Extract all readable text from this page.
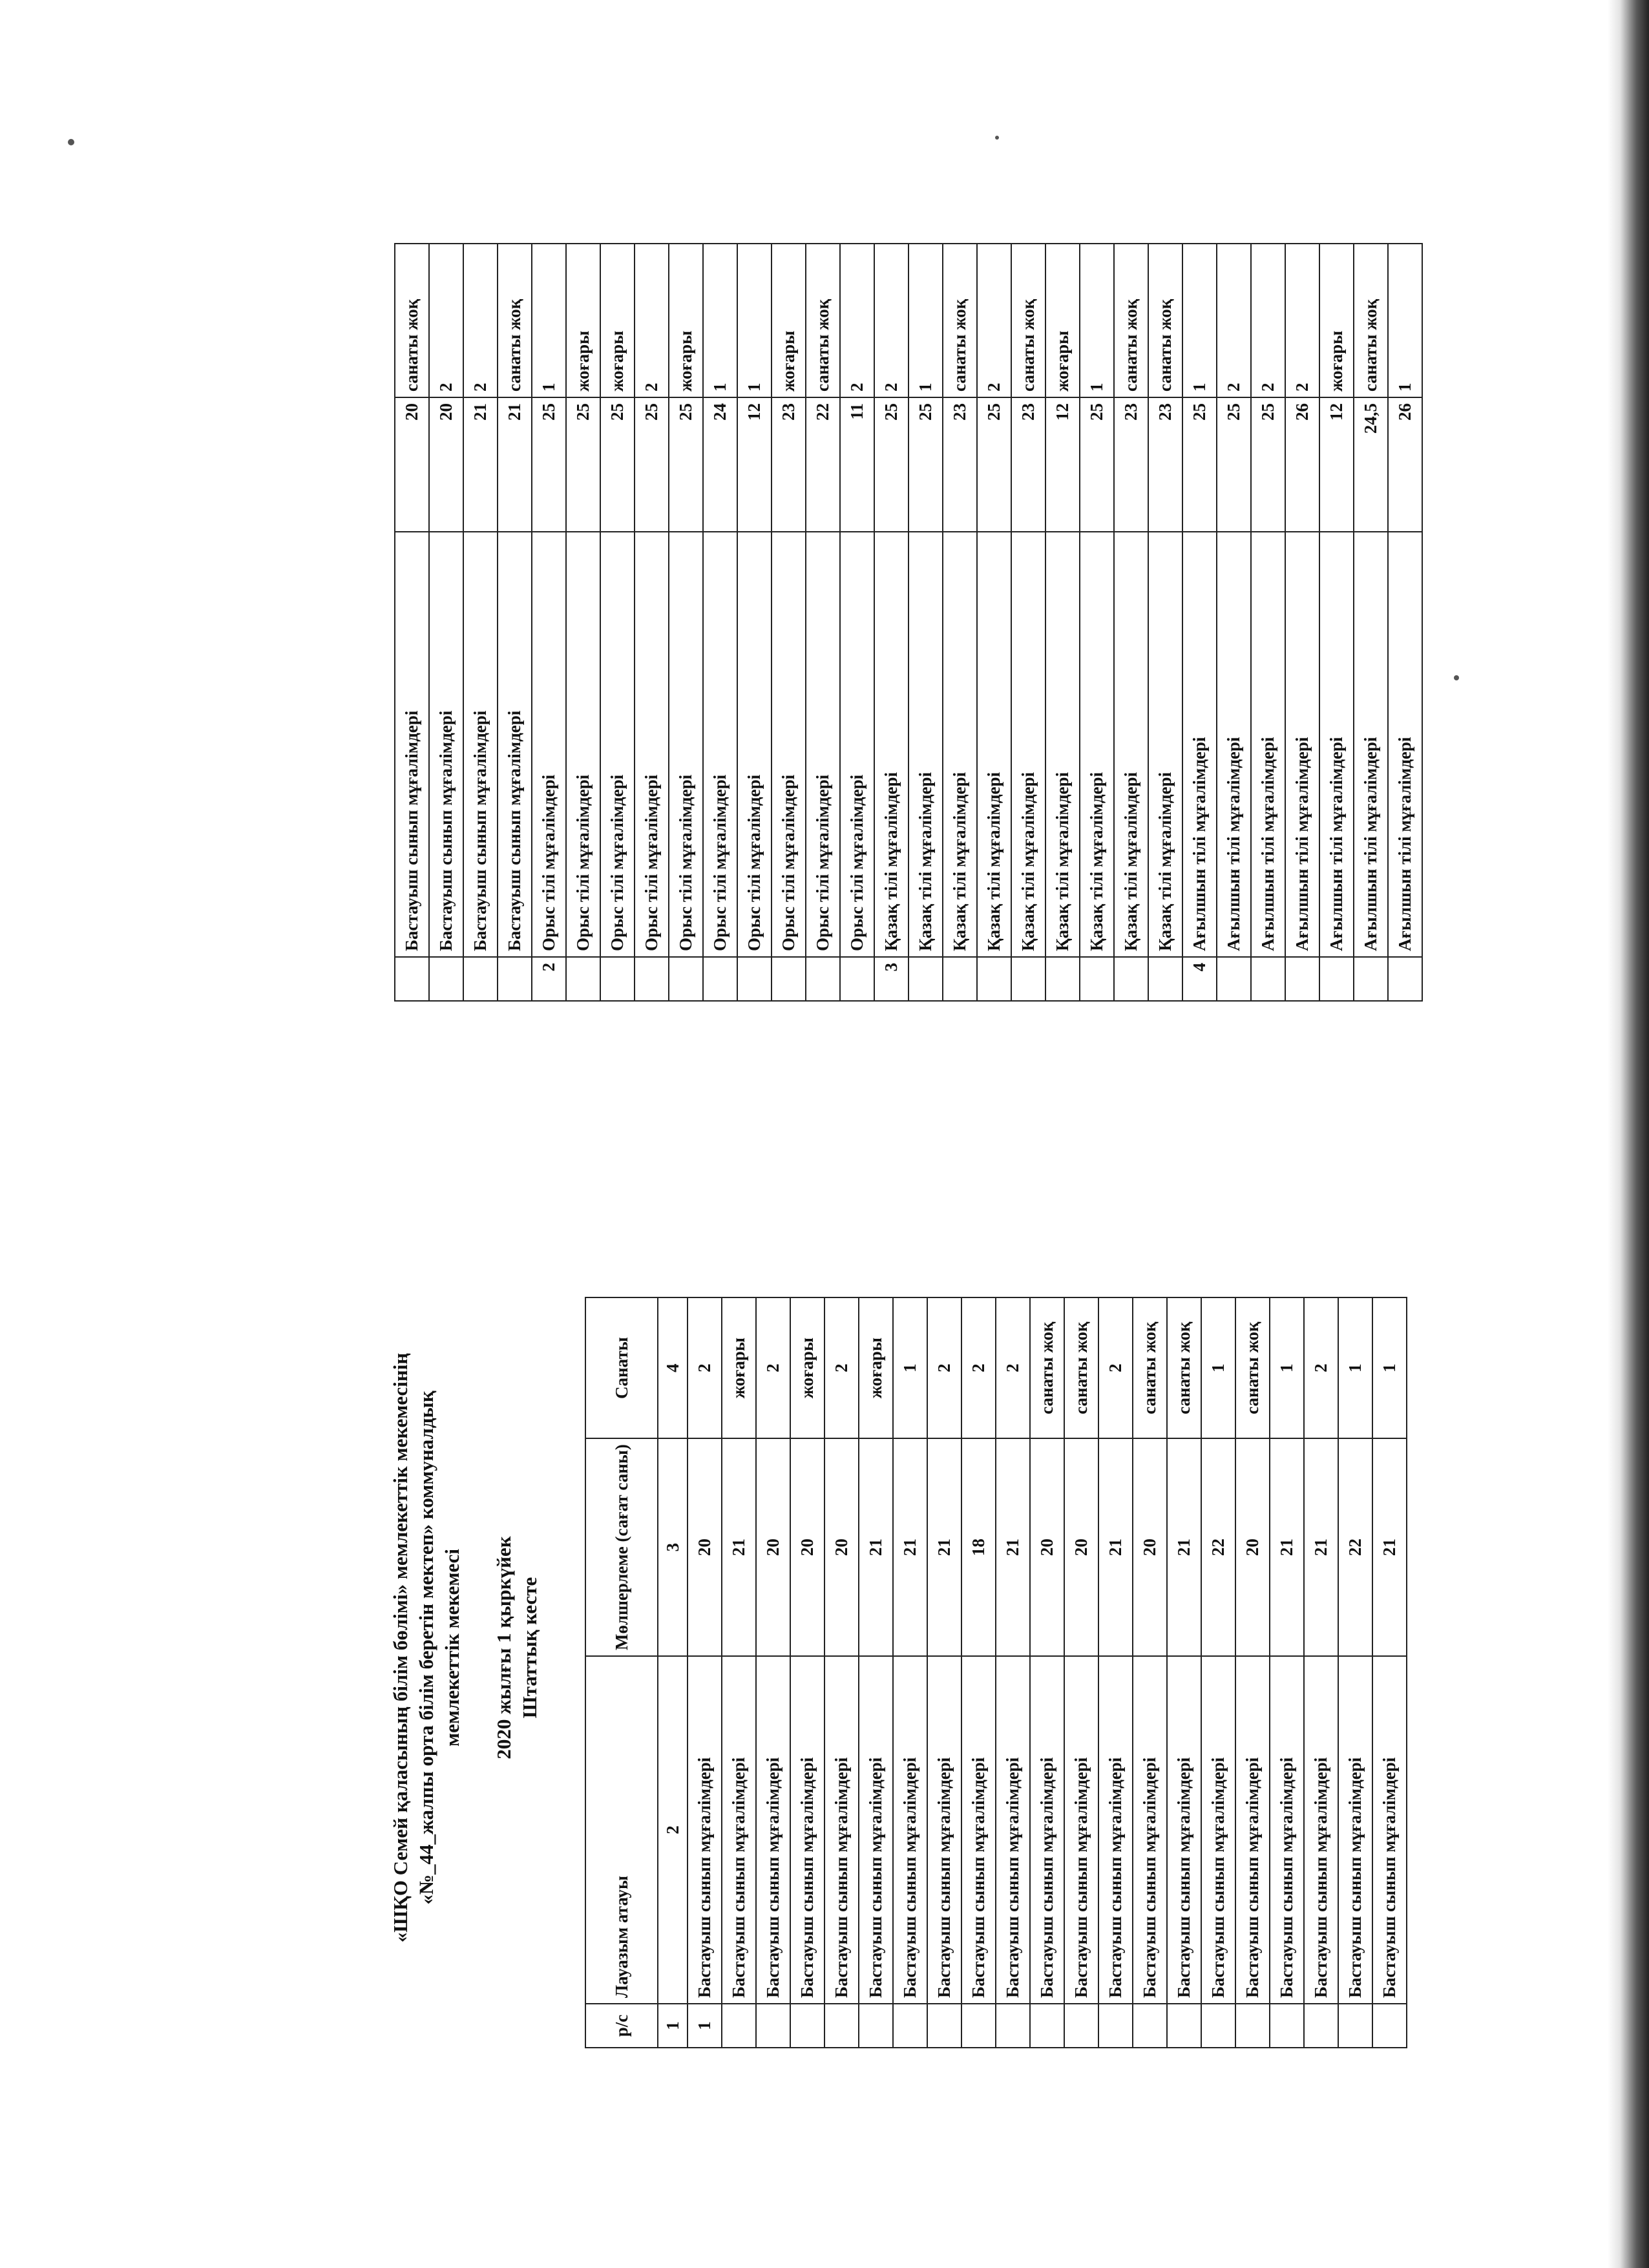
«ШҚО Семей қаласының білім бөлімі» мемлекеттік мекемесінің «№_44_жалпы орта білім беретін мектеп» коммуналдық мемлекеттік мекемесі 2020 жылғы 1 қыркүйек Штаттық кесте
р/с	Лауазым атауы	Мөлшерлеме (сағат саны)	Санаты
1	2	3	4
1	Бастауыш сынып мұғалімдері	20	2
	Бастауыш сынып мұғалімдері	21	жоғары
	Бастауыш сынып мұғалімдері	20	2
	Бастауыш сынып мұғалімдері	20	жоғары
	Бастауыш сынып мұғалімдері	20	2
	Бастауыш сынып мұғалімдері	21	жоғары
	Бастауыш сынып мұғалімдері	21	1
	Бастауыш сынып мұғалімдері	21	2
	Бастауыш сынып мұғалімдері	18	2
	Бастауыш сынып мұғалімдері	21	2
	Бастауыш сынып мұғалімдері	20	санаты жоқ
	Бастауыш сынып мұғалімдері	20	санаты жоқ
	Бастауыш сынып мұғалімдері	21	2
	Бастауыш сынып мұғалімдері	20	санаты жоқ
	Бастауыш сынып мұғалімдері	21	санаты жоқ
	Бастауыш сынып мұғалімдері	22	1
	Бастауыш сынып мұғалімдері	20	санаты жоқ
	Бастауыш сынып мұғалімдері	21	1
	Бастауыш сынып мұғалімдері	21	2
	Бастауыш сынып мұғалімдері	22	1
	Бастауыш сынып мұғалімдері	21	1
	Бастауыш сынып мұғалімдері	20	санаты жоқ
	Бастауыш сынып мұғалімдері	20	2
	Бастауыш сынып мұғалімдері	21	2
	Бастауыш сынып мұғалімдері	21	санаты жоқ
2	Орыс тілі мұғалімдері	25	1
	Орыс тілі мұғалімдері	25	жоғары
	Орыс тілі мұғалімдері	25	жоғары
	Орыс тілі мұғалімдері	25	2
	Орыс тілі мұғалімдері	25	жоғары
	Орыс тілі мұғалімдері	24	1
	Орыс тілі мұғалімдері	12	1
	Орыс тілі мұғалімдері	23	жоғары
	Орыс тілі мұғалімдері	22	санаты жоқ
	Орыс тілі мұғалімдері	11	2
3	Қазақ тілі мұғалімдері	25	2
	Қазақ тілі мұғалімдері	25	1
	Қазақ тілі мұғалімдері	23	санаты жоқ
	Қазақ тілі мұғалімдері	25	2
	Қазақ тілі мұғалімдері	23	санаты жоқ
	Қазақ тілі мұғалімдері	12	жоғары
	Қазақ тілі мұғалімдері	25	1
	Қазақ тілі мұғалімдері	23	санаты жоқ
	Қазақ тілі мұғалімдері	23	санаты жоқ
4	Ағылшын тілі мұғалімдері	25	1
	Ағылшын тілі мұғалімдері	25	2
	Ағылшын тілі мұғалімдері	25	2
	Ағылшын тілі мұғалімдері	26	2
	Ағылшын тілі мұғалімдері	12	жоғары
	Ағылшын тілі мұғалімдері	24,5	санаты жоқ
	Ағылшын тілі мұғалімдері	26	1
